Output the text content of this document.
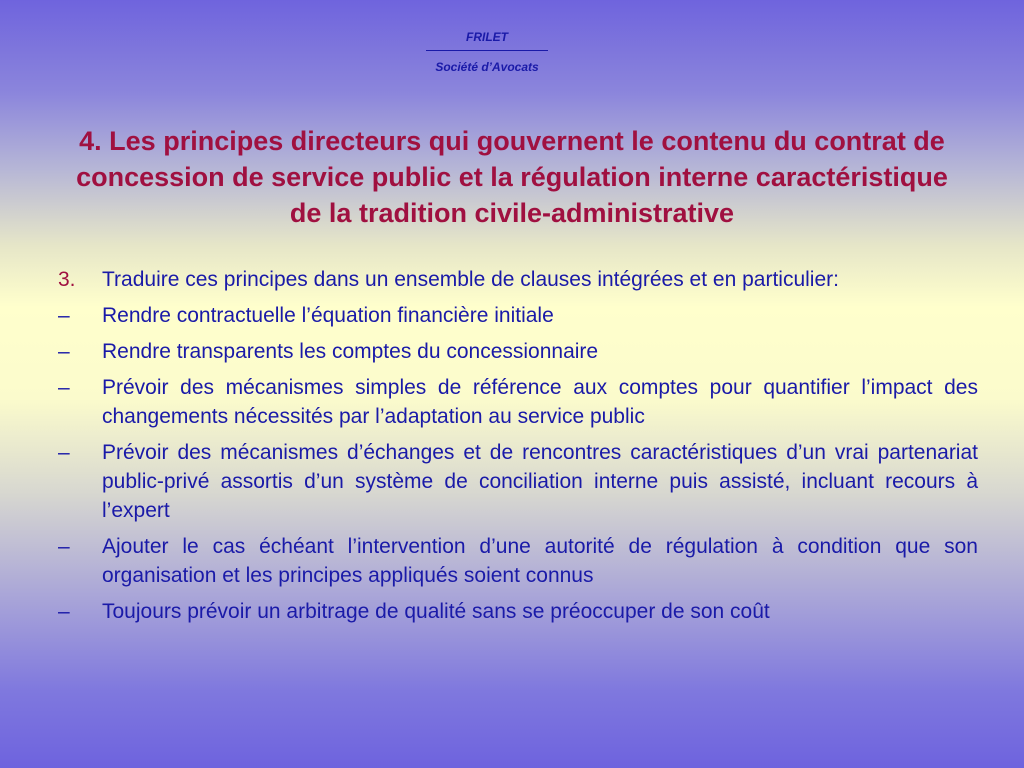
FRILET
Société d’Avocats
4. Les principes directeurs qui gouvernent le contenu du contrat de concession de service public et la régulation interne caractéristique de la tradition civile-administrative
3. Traduire ces principes dans un ensemble de clauses intégrées et en particulier:
– Rendre contractuelle l’équation financière initiale
– Rendre transparents les comptes du concessionnaire
– Prévoir des mécanismes simples de référence aux comptes pour quantifier l’impact des changements nécessités par l’adaptation au service public
– Prévoir des mécanismes d’échanges et de rencontres caractéristiques d’un vrai partenariat public-privé assortis d’un système de conciliation interne puis assisté, incluant recours à l’expert
– Ajouter le cas échéant l’intervention d’une autorité de régulation à condition que son organisation et les principes appliqués soient connus
– Toujours prévoir un arbitrage de qualité sans se préoccuper de son coût
